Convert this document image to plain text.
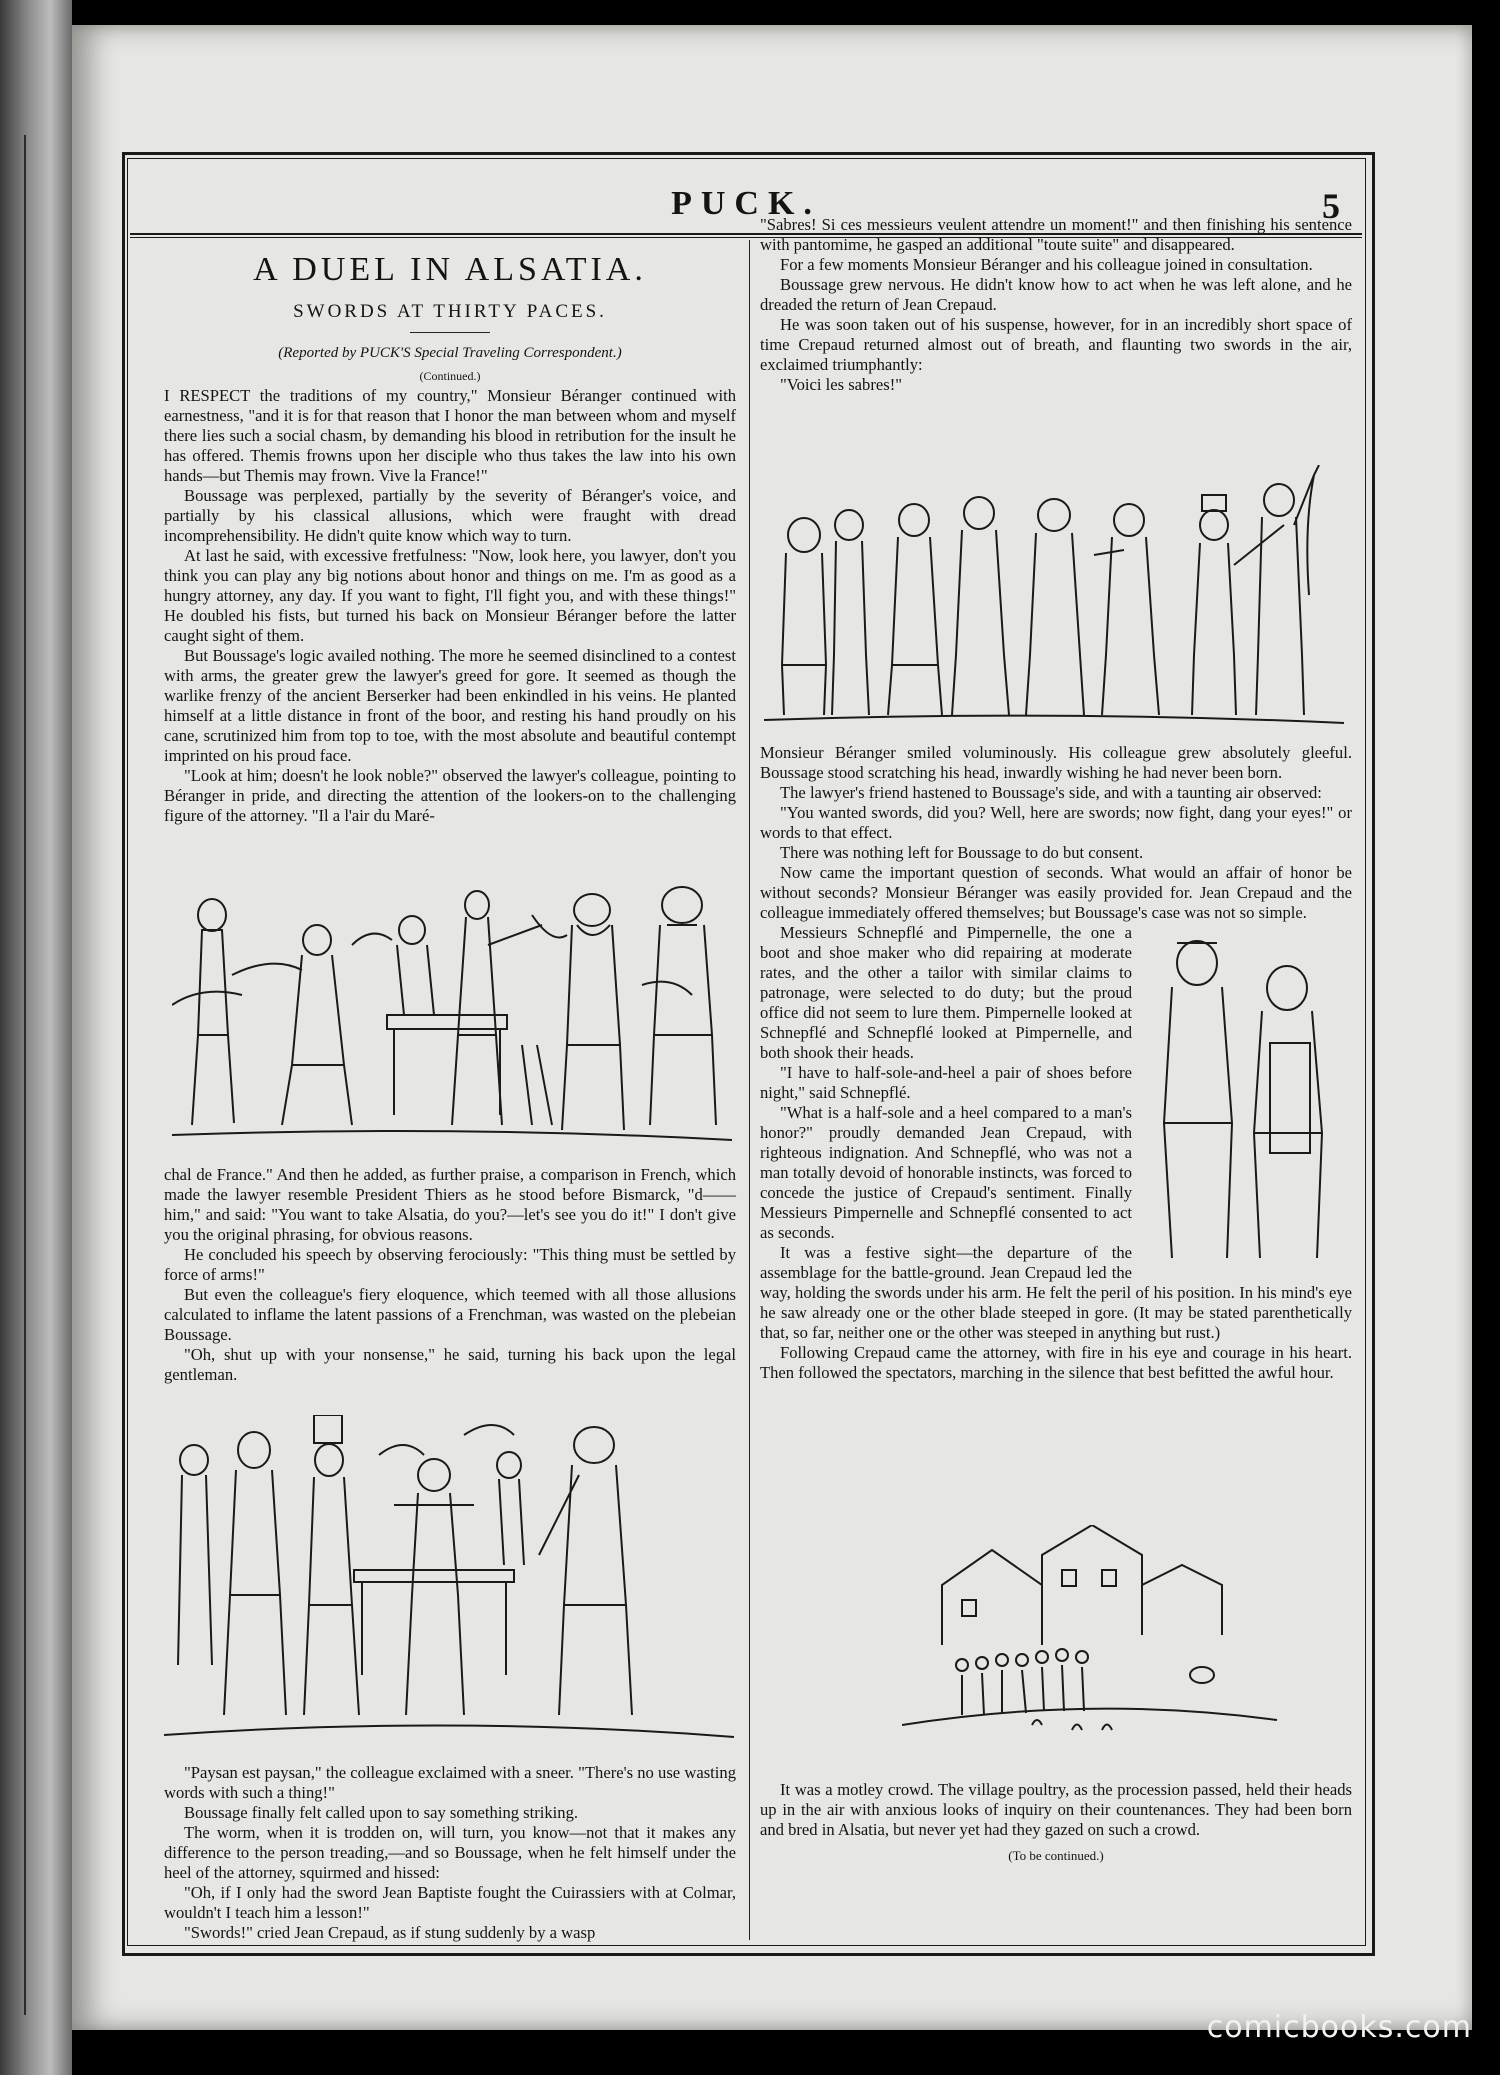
PUCK.	5
A DUEL IN ALSATIA.
SWORDS AT THIRTY PACES.
(Reported by PUCK'S Special Traveling Correspondent.)
(Continued.)

I RESPECT the traditions of my country," Monsieur Béranger continued with earnestness, "and it is for that reason that I honor the man between whom and myself there lies such a social chasm, by demanding his blood in retribution for the insult he has offered. Themis frowns upon her disciple who thus takes the law into his own hands—but Themis may frown. Vive la France!"

Boussage was perplexed, partially by the severity of Béranger's voice, and partially by his classical allusions, which were fraught with dread incomprehensibility. He didn't quite know which way to turn.

At last he said, with excessive fretfulness: "Now, look here, you lawyer, don't you think you can play any big notions about honor and things on me. I'm as good as a hungry attorney, any day. If you want to fight, I'll fight you, and with these things!" He doubled his fists, but turned his back on Monsieur Béranger before the latter caught sight of them.

But Boussage's logic availed nothing. The more he seemed disinclined to a contest with arms, the greater grew the lawyer's greed for gore. It seemed as though the warlike frenzy of the ancient Berserker had been enkindled in his veins. He planted himself at a little distance in front of the boor, and resting his hand proudly on his cane, scrutinized him from top to toe, with the most absolute and beautiful contempt imprinted on his proud face.

"Look at him; doesn't he look noble?" observed the lawyer's colleague, pointing to Béranger in pride, and directing the attention of the lookers-on to the challenging figure of the attorney. "Il a l'air du Maré-

chal de France." And then he added, as further praise, a comparison in French, which made the lawyer resemble President Thiers as he stood before Bismarck, "d—— him," and said: "You want to take Alsatia, do you?—let's see you do it!" I don't give you the original phrasing, for obvious reasons.

He concluded his speech by observing ferociously: "This thing must be settled by force of arms!"

But even the colleague's fiery eloquence, which teemed with all those allusions calculated to inflame the latent passions of a Frenchman, was wasted on the plebeian Boussage.

"Oh, shut up with your nonsense," he said, turning his back upon the legal gentleman.

"Paysan est paysan," the colleague exclaimed with a sneer. "There's no use wasting words with such a thing!"

Boussage finally felt called upon to say something striking.

The worm, when it is trodden on, will turn, you know—not that it makes any difference to the person treading,—and so Boussage, when he felt himself under the heel of the attorney, squirmed and hissed:

"Oh, if I only had the sword Jean Baptiste fought the Cuirassiers with at Colmar, wouldn't I teach him a lesson!"

"Swords!" cried Jean Crepaud, as if stung suddenly by a wasp

"Sabres! Si ces messieurs veulent attendre un moment!" and then finishing his sentence with pantomime, he gasped an additional "toute suite" and disappeared.

For a few moments Monsieur Béranger and his colleague joined in consultation.

Boussage grew nervous. He didn't know how to act when he was left alone, and he dreaded the return of Jean Crepaud.

He was soon taken out of his suspense, however, for in an incredibly short space of time Crepaud returned almost out of breath, and flaunting two swords in the air, exclaimed triumphantly:

"Voici les sabres!"

Monsieur Béranger smiled voluminously. His colleague grew absolutely gleeful. Boussage stood scratching his head, inwardly wishing he had never been born.

The lawyer's friend hastened to Boussage's side, and with a taunting air observed:

"You wanted swords, did you? Well, here are swords; now fight, dang your eyes!" or words to that effect.

There was nothing left for Boussage to do but consent.

Now came the important question of seconds. What would an affair of honor be without seconds? Monsieur Béranger was easily provided for. Jean Crepaud and the colleague immediately offered themselves; but Boussage's case was not so simple.

Messieurs Schnepflé and Pimpernelle, the one a boot and shoe maker who did repairing at moderate rates, and the other a tailor with similar claims to patronage, were selected to do duty; but the proud office did not seem to lure them. Pimpernelle looked at Schnepflé and Schnepflé looked at Pimpernelle, and both shook their heads.

"I have to half-sole-and-heel a pair of shoes before night," said Schnepflé.

"What is a half-sole and a heel compared to a man's honor?" proudly demanded Jean Crepaud, with righteous indignation. And Schnepflé, who was not a man totally devoid of honorable instincts, was forced to concede the justice of Crepaud's sentiment. Finally Messieurs Pimpernelle and Schnepflé consented to act as seconds.

It was a festive sight—the departure of the assemblage for the battle-ground. Jean Crepaud led the way, holding the swords under his arm. He felt the peril of his position. In his mind's eye he saw already one or the other blade steeped in gore. (It may be stated parenthetically that, so far, neither one or the other was steeped in anything but rust.)

Following Crepaud came the attorney, with fire in his eye and courage in his heart. Then followed the spectators, marching in the silence that best befitted the awful hour.

It was a motley crowd. The village poultry, as the procession passed, held their heads up in the air with anxious looks of inquiry on their countenances. They had been born and bred in Alsatia, but never yet had they gazed on such a crowd.

(To be continued.)
comicbooks.com
